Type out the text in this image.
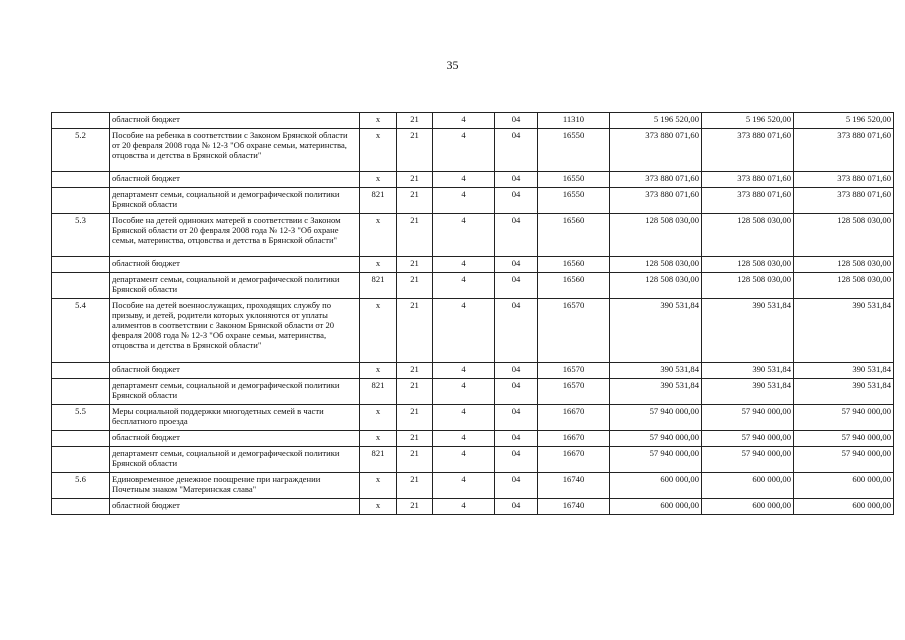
35
	областной бюджет	x	21	4	04	11310	5 196 520,00	5 196 520,00	5 196 520,00
5.2	Пособие на ребенка в соответствии с Законом Брянской области от 20 февраля 2008 года № 12-З "Об охране семьи, материнства, отцовства и детства в Брянской области"	x	21	4	04	16550	373 880 071,60	373 880 071,60	373 880 071,60
	областной бюджет	x	21	4	04	16550	373 880 071,60	373 880 071,60	373 880 071,60
	департамент семьи, социальной и демографической политики Брянской области	821	21	4	04	16550	373 880 071,60	373 880 071,60	373 880 071,60
5.3	Пособие на детей одиноких матерей в соответствии с Законом Брянской области от 20 февраля 2008 года № 12-З "Об охране семьи, материнства, отцовства и детства в Брянской области"	x	21	4	04	16560	128 508 030,00	128 508 030,00	128 508 030,00
	областной бюджет	x	21	4	04	16560	128 508 030,00	128 508 030,00	128 508 030,00
	департамент семьи, социальной и демографической политики Брянской области	821	21	4	04	16560	128 508 030,00	128 508 030,00	128 508 030,00
5.4	Пособие на детей военнослужащих, проходящих службу по призыву, и детей, родители которых уклоняются от уплаты алиментов в соответствии с Законом Брянской области от 20 февраля 2008 года № 12-З "Об охране семьи, материнства, отцовства и детства в Брянской области"	x	21	4	04	16570	390 531,84	390 531,84	390 531,84
	областной бюджет	x	21	4	04	16570	390 531,84	390 531,84	390 531,84
	департамент семьи, социальной и демографической политики Брянской области	821	21	4	04	16570	390 531,84	390 531,84	390 531,84
5.5	Меры социальной поддержки многодетных семей в части бесплатного проезда	x	21	4	04	16670	57 940 000,00	57 940 000,00	57 940 000,00
	областной бюджет	x	21	4	04	16670	57 940 000,00	57 940 000,00	57 940 000,00
	департамент семьи, социальной и демографической политики Брянской области	821	21	4	04	16670	57 940 000,00	57 940 000,00	57 940 000,00
5.6	Единовременное денежное поощрение при награждении Почетным знаком "Материнская слава"	x	21	4	04	16740	600 000,00	600 000,00	600 000,00
	областной бюджет	x	21	4	04	16740	600 000,00	600 000,00	600 000,00
